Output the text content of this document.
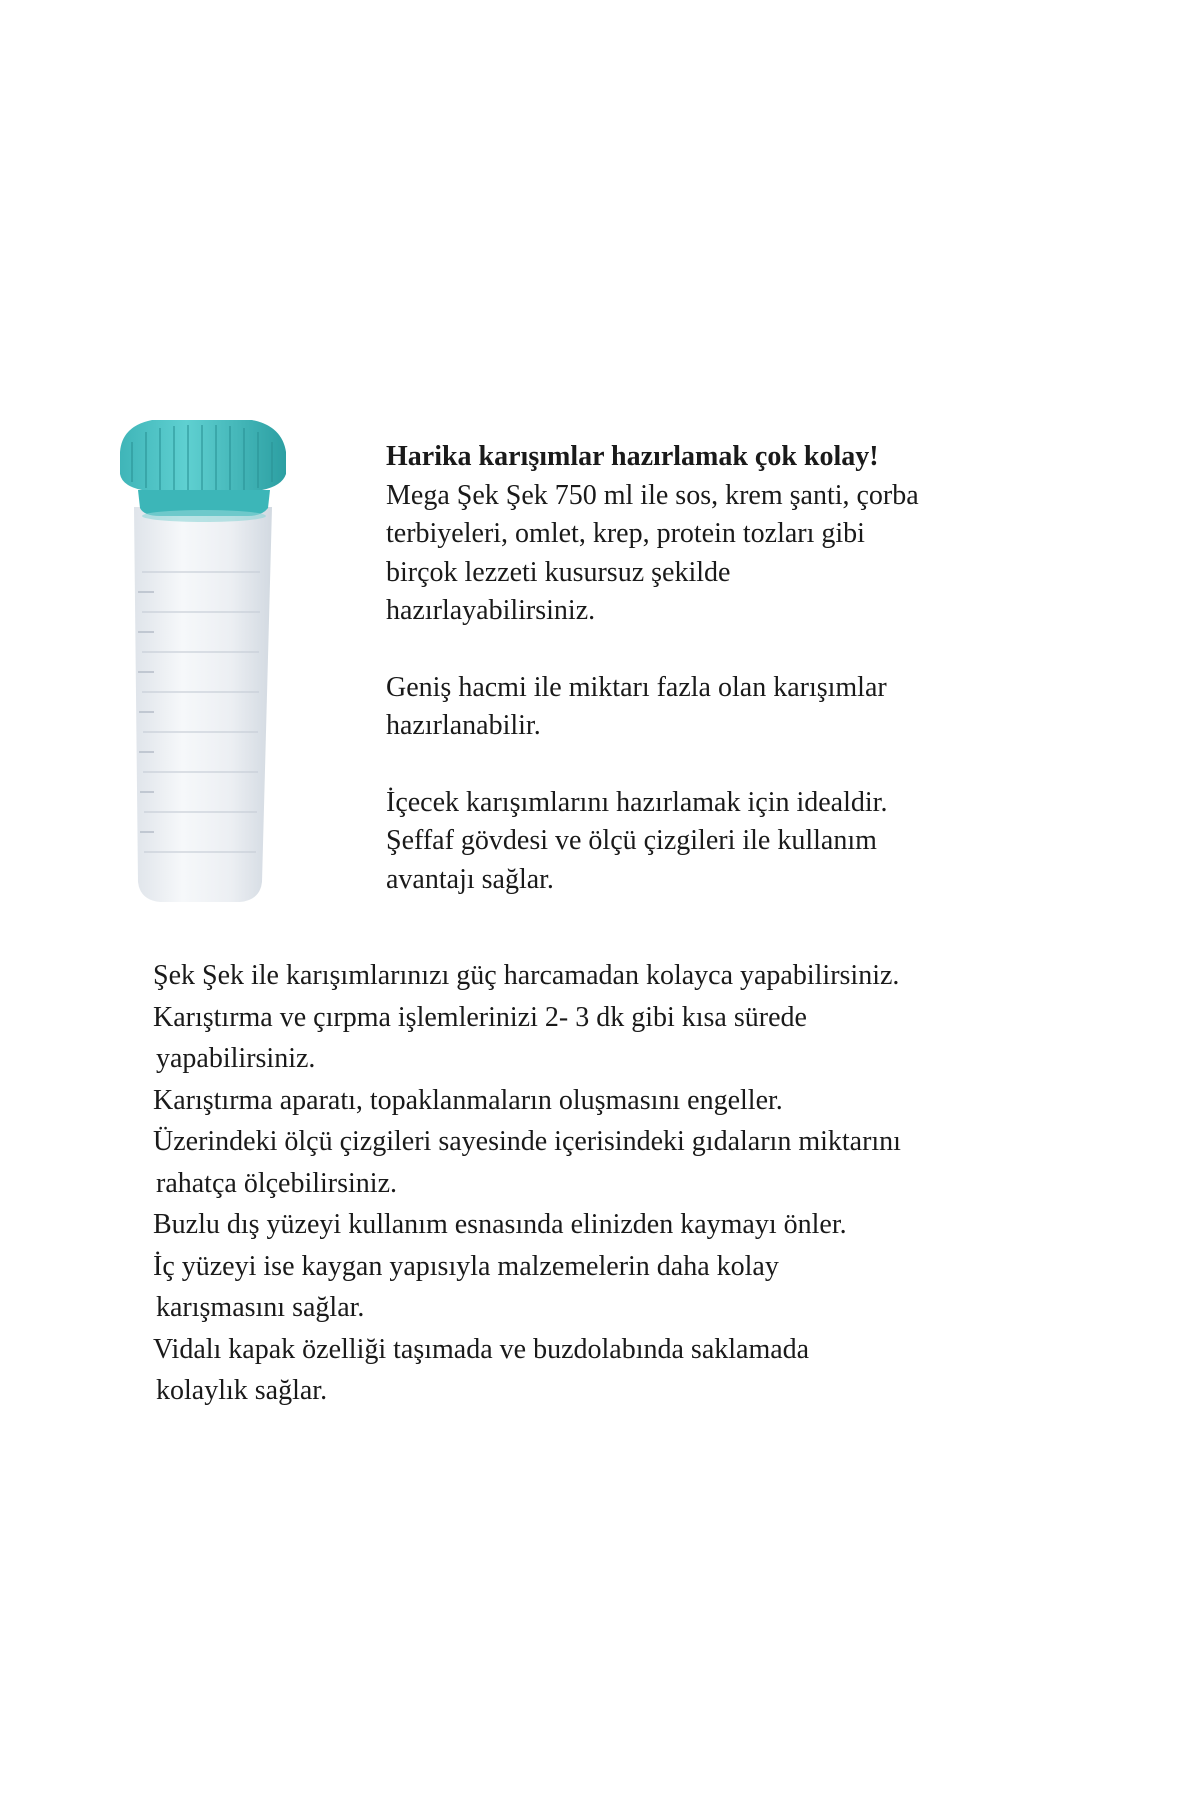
Harika karışımlar hazırlamak çok kolay!

Mega Şek Şek 750 ml ile sos, krem şanti, çorba

terbiyeleri, omlet, krep, protein tozları gibi

birçok lezzeti kusursuz şekilde

hazırlayabilirsiniz.

Geniş hacmi ile miktarı fazla olan karışımlar

hazırlanabilir.

İçecek karışımlarını hazırlamak için idealdir.

Şeffaf gövdesi ve ölçü çizgileri ile kullanım

avantajı sağlar.

Şek Şek ile karışımlarınızı güç harcamadan kolayca yapabilirsiniz.

Karıştırma ve çırpma işlemlerinizi 2- 3 dk gibi kısa sürede

yapabilirsiniz.

Karıştırma aparatı, topaklanmaların oluşmasını engeller.

Üzerindeki ölçü çizgileri sayesinde içerisindeki gıdaların miktarını

rahatça ölçebilirsiniz.

Buzlu dış yüzeyi kullanım esnasında elinizden kaymayı önler.

İç yüzeyi ise kaygan yapısıyla malzemelerin daha kolay

karışmasını sağlar.

Vidalı kapak özelliği taşımada ve buzdolabında saklamada

kolaylık sağlar.
